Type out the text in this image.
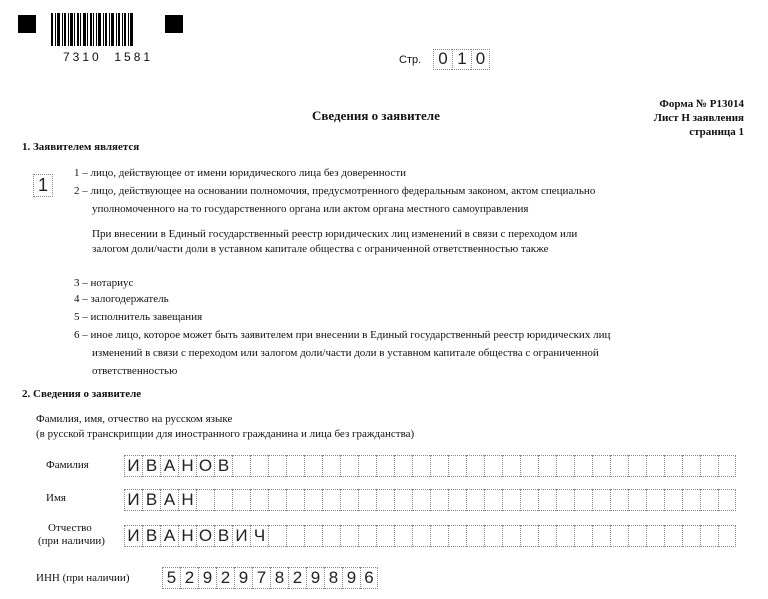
7310  1581	Стр.	0 1 0
Сведения о заявителе
Форма № Р13014
Лист Н заявления
страница 1
1. Заявителем является
1
1 – лицо, действующее от имени юридического лица без доверенности
2 – лицо, действующее на основании полномочия, предусмотренного федеральным законом, актом специально
уполномоченного на то государственного органа или актом органа местного самоуправления
При внесении в Единый государственный реестр юридических лиц изменений в связи с переходом или
залогом доли/части доли в уставном капитале общества с ограниченной ответственностью также
3 – нотариус
4 – залогодержатель
5 – исполнитель завещания
6 – иное лицо, которое может быть заявителем при внесении в Единый государственный реестр юридических лиц
изменений в связи с переходом или залогом доли/части доли в уставном капитале общества с ограниченной
ответственностью
2. Сведения о заявителе
Фамилия, имя, отчество на русском языке
(в русской транскрипции для иностранного гражданина и лица без гражданства)
Фамилия И В А Н О В
Имя	И В А Н
Отчество
(при наличии) И В А Н О В И Ч
ИНН (при наличии) 5 2 9 2 9 7 8 2 9 8 9 6
